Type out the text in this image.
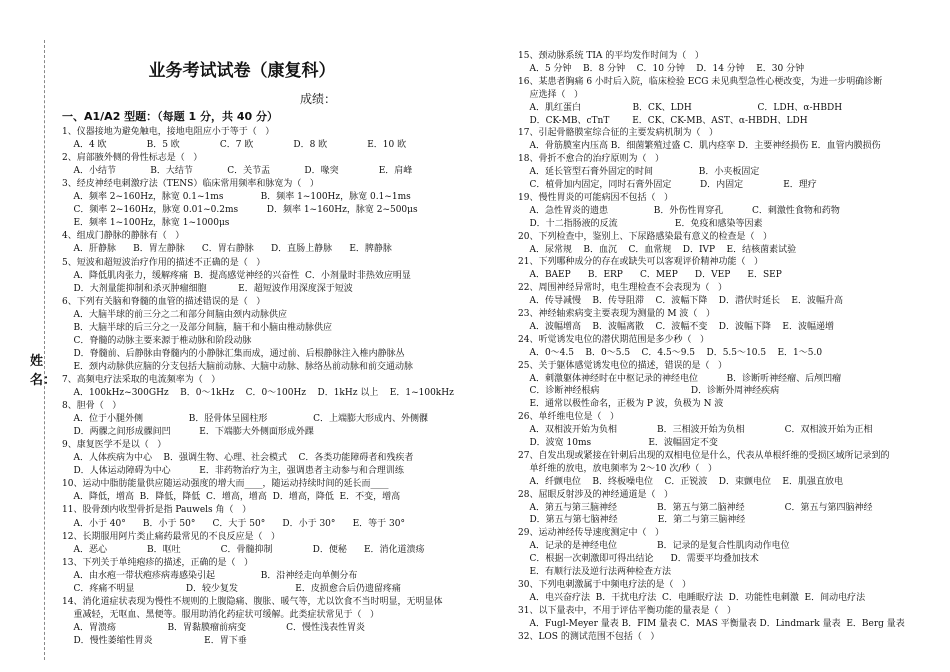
姓名：
业务考试试卷（康复科）
成绩：
一、A1/A2 型题：（每题 1 分，共 40 分）
1、仪器接地为避免触电，接地电阻应小于等于（   ）
A．4 欧              B．5 欧              C．7 欧              D．8 欧              E．10 欧
2、肩部腋外侧的骨性标志是（   ）
A．小结节            B．大结节            C．关节盂            D．喙突              E．肩峰
3、经皮神经电刺激疗法（TENS）临床常用频率和脉宽为（   ）
A．频率 2~160Hz，脉宽 0.1~1ms             B．频率 1~100Hz，脉宽 0.1~1ms
C．频率 2~160Hz，脉宽 0.01~0.2ms          D．频率 1~160Hz，脉宽 2~500μs
E．频率 1~100Hz，脉宽 1~1000μs
4、组成门静脉的静脉有（   ）
A．肝静脉      B．胃左静脉      C．胃右静脉      D．直肠上静脉      E．脾静脉
5、短波和超短波治疗作用的描述不正确的是（   ）
A．降低肌肉张力，缓解疼痛  B．提高感觉神经的兴奋性  C．小剂量时非热效应明显
D．大剂量能抑制和杀灭肿瘤细胞           E．超短波作用深度深于短波
6、下列有关脑和脊髓的血管的描述错误的是（   ）
A．大脑半球的前三分之二和部分间脑由颈内动脉供应
B．大脑半球的后三分之一及部分间脑，脑干和小脑由椎动脉供应
C．脊髓的动脉主要来源于椎动脉和阶段动脉
D．脊髓前、后静脉由脊髓内的小静脉汇集而成，通过前、后根静脉注入椎内静脉丛
E．颈内动脉供应脑的分支包括大脑前动脉、大脑中动脉、脉络丛前动脉和前交通动脉
7、高频电疗法采取的电流频率为（   ）
A．100kHz~300GHz    B．0～1kHz    C．0～100Hz    D．1kHz 以上    E．1~100kHz
8、胆骨（   ）
A．位于小腿外侧                B．胫骨体呈圆柱形                C．上端膨大形成内、外侧髁
D．两髁之间形成髁间凹          E．下端膨大外侧面形成外踝
9、康复医学不是以（   ）
A．人体疾病为中心    B．强调生物、心理、社会模式    C．各类功能障碍者和残疾者
D．人体运动障碍为中心          E．非药物治疗为主，强调患者主动参与和合理训练
10、运动中脂肪能量供应随运动强度的增大而____，随运动持续时间的延长而____
A．降低，增高  B．降低，降低  C．增高，增高  D．增高，降低  E．不变，增高
11、股骨颈内收型骨折是指 Pauwels 角（   ）
A．小于 40°      B．小于 50°      C．大于 50°      D．小于 30°      E．等于 30°
12、长期服用阿片类止痛药最常见的不良反应是（   ）
A．恶心              B．呕吐              C．骨髓抑制              D．便秘      E．消化道溃疡
13、下列关于单纯疱疹的描述，正确的是（   ）
A．由水疱一带状疱疹病毒感染引起                B．沿神经走向单侧分布
C．疼痛不明显                  D．较少复发                    E．皮损愈合后仍遗留疼痛
14、消化道症状表现为慢性不规则的上腹隐痛、腹胀、暖气等，尤以饮食不当时明显，无明显体
重减轻，无呕血、黑便等。服用助消化药症状可缓解。此类症状常见于（   ）
A．胃溃疡                  B．胃黏膜瘤前病变              C．慢性浅表性胃炎
D．慢性萎缩性胃炎                  E．胃下垂
15、颈动脉系统 TIA 的平均发作时间为（   ）
A．5 分钟    B．8 分钟    C．10 分钟    D．14 分钟    E．30 分钟
16、某患者胸痛 6 小时后入院，临床检验 ECG 未见典型急性心梗改变，为进一步明确诊断
应选择（   ）
A．肌红蛋白                  B．CK、LDH                       C．LDH、α-HBDH
D．CK-MB、cTnT        E．CK、CK-MB、AST、α-HBDH、LDH
17、引起骨骼膜室综合征的主要发病机制为（   ）
A．骨筋膜室内压高 B．细菌繁殖过盛 C．肌内痉挛 D．主要神经损伤 E．血管内膜损伤
18、骨折不愈合的治疗原则为（   ）
A．延长管型石膏外固定的时间                B．小夹板固定
C．植骨加内固定，同时石膏外固定          D．内固定              E．理疗
19、慢性胃炎的可能病因不包括（   ）
A．急性胃炎的遗患                B．外伤性胃穿孔          C．刺激性食物和药物
D．十二指肠液的反流                    E．免疫和感染等因素
20、下列检查中，鉴别上、下尿路感染最有意义的检查是（   ）
A．尿常规    B．血沉    C．血常规    D．IVP    E．结核菌素试验
21、下列哪种成分的存在或缺失可以客观评价精神功能（   ）
A．BAEP      B．ERP      C．MEP      D．VEP      E．SEP
22、周围神经异常时，电生理检查不会表现为（   ）
A．传导减慢    B．传导阻滞    C．波幅下降    D．潜伏时延长    E．波幅升高
23、神经轴索病变主要表现为测量的 M 波（   ）
A．波幅增高    B．波幅离散    C．波幅不变    D．波幅下降    E．波幅递增
24、听觉诱发电位的潜伏期范围是多少秒（   ）
A．0～4.5    B．0～5.5    C．4.5～9.5    D．5.5～10.5    E．1～5.0
25、关于躯体感觉诱发电位的描述，错误的是（   ）
A．刺激躯体神经时在中枢记录的神经电位          B．诊断听神经瘤、后颅凹瘤
C．诊断神经根病                                D．诊断外周神经疾病
E．通常以极性命名，正极为 P 波，负极为 N 波
26、单纤维电位是（   ）
A．双相波开始为负相              B．三相波开始为负相              C．双相波开始为正相
D．波宽 10ms                    E．波幅固定不变
27、自发出现或紧接在针刺后出现的双相电位是什么，代表从单根纤维的受损区域所记录到的
单纤维的放电，放电频率为 2～10 次/秒（   ）
A．纤颤电位    B．终板噪电位    C．正锐波    D．束颤电位    E．肌强直放电
28、屈眼反射涉及的神经通道是（   ）
A．第五与第三脑神经              B．第五与第二脑神经              C．第五与第四脑神经
D．第五与第七脑神经              E．第二与第三脑神经
29、运动神经传导速度测定中（   ）
A．记录的是神经电位              B．记录的是复合性肌肉动作电位
C．根据一次刺激即可得出结论      D．需要平均叠加技术
E．有顺行法及逆行法两种检查方法
30、下列电刺激属于中频电疗法的是（   ）
A．电兴奋疗法  B．干扰电疗法  C．电睡眠疗法  D．功能性电刺激  E．间动电疗法
31、以下量表中，不用于评估平衡功能的量表是（   ）
A．Fugl-Meyer 量表 B．FIM 量表 C．MAS 平衡量表 D．Lindmark 量表  E．Berg 量表
32、LOS 的测试范围不包括（   ）
